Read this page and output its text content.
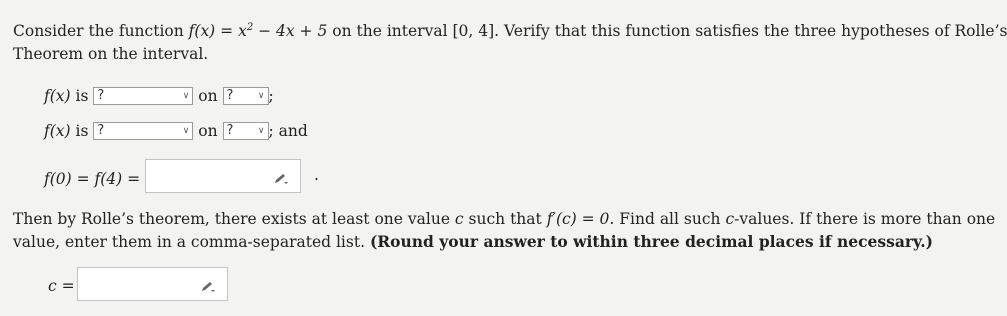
Consider the function $f(x) = x^2 - 4x + 5$ on the interval [0, 4]. Verify that this function satisfies the three hypotheses of Rolle’s
Theorem on the interval.
f(x) is ?	∨ on ?	∨ ;
f(x) is ?	∨ on ?	∨ ; and
f(0) = f(4) =	.
Then by Rolle’s theorem, there exists at least one value c such that f′(c) = 0. Find all such c-values. If there is more than one
value, enter them in a comma-separated list. (Round your answer to within three decimal places if necessary.)
c =
